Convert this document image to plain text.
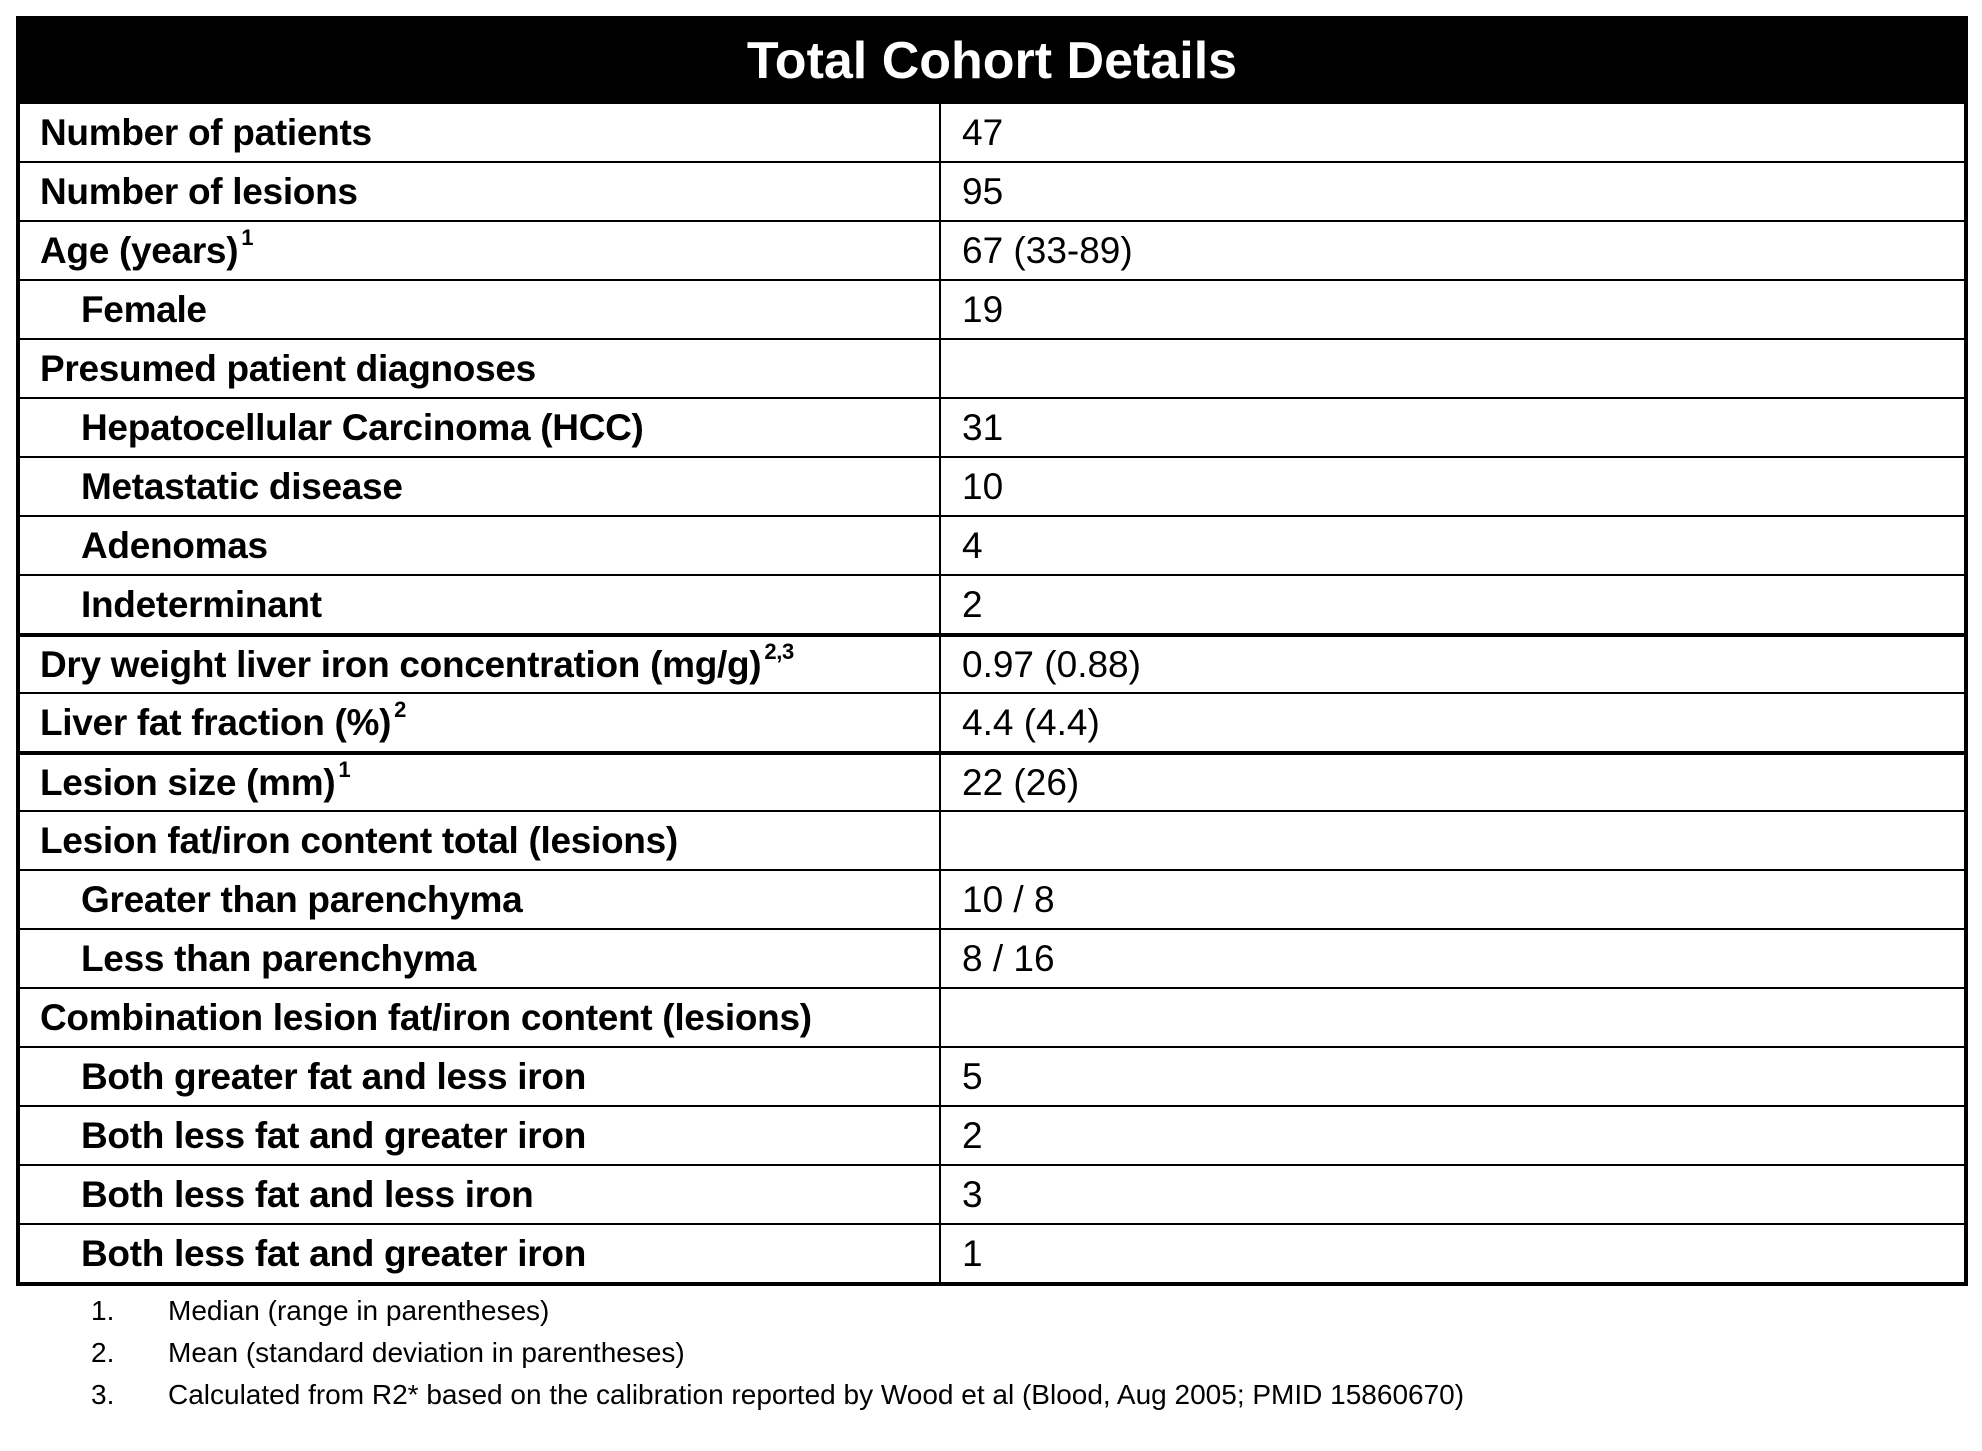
Total Cohort Details
Number of patients	47
Number of lesions	95
Age (years)$^1$	67 (33-89)
Female	19
Presumed patient diagnoses
Hepatocellular Carcinoma (HCC)	31
Metastatic disease	10
Adenomas	4
Indeterminant	2
Dry weight liver iron concentration (mg/g)$^{2,3}$	0.97 (0.88)
Liver fat fraction (%)$^2$	4.4 (4.4)
Lesion size (mm)$^1$	22 (26)
Lesion fat/iron content total (lesions)
Greater than parenchyma	10 / 8
Less than parenchyma	8 / 16
Combination lesion fat/iron content (lesions)
Both greater fat and less iron	5
Both less fat and greater iron	2
Both less fat and less iron	3
Both less fat and greater iron	1
1.	Median (range in parentheses)
2.	Mean (standard deviation in parentheses)
3.	Calculated from R2* based on the calibration reported by Wood et al (Blood, Aug 2005; PMID 15860670)
